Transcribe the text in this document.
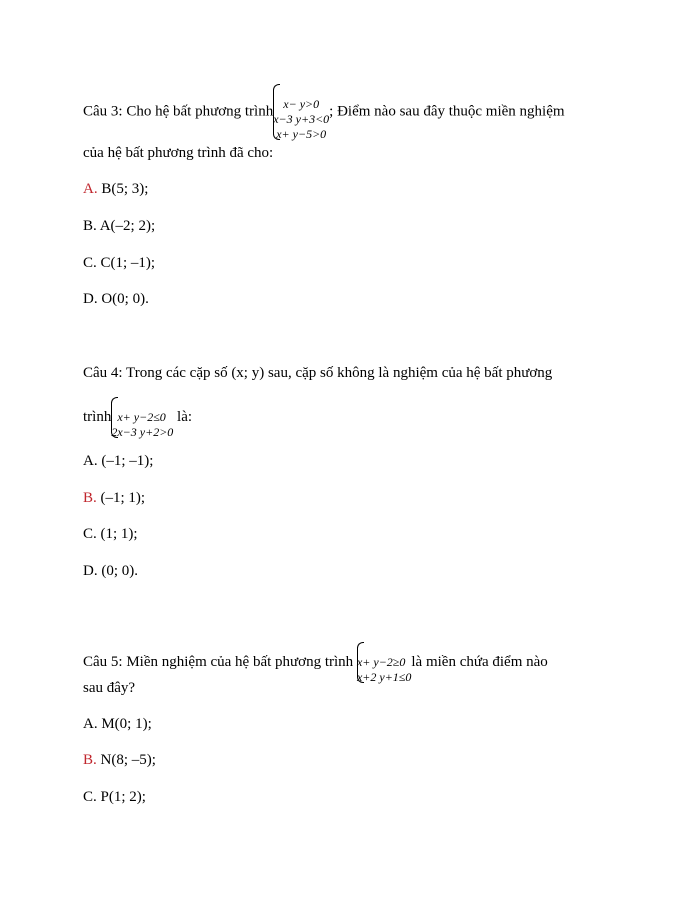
Câu 3: Cho hệ bất phương trình x− y>0
x−3 y+3<0
x+ y−5>0
; Điểm nào sau đây thuộc miền nghiệm
của hệ bất phương trình đã cho:
A. B(5; 3);
B. A(–2; 2);
C. C(1; –1);
D. O(0; 0).
Câu 4: Trong các cặp số (x; y) sau, cặp số không là nghiệm của hệ bất phương
trình x+ y−2≤0
2x−3 y+2>0
là:
A. (–1; –1);
B. (–1; 1);
C. (1; 1);
D. (0; 0).
Câu 5: Miền nghiệm của hệ bất phương trình x+ y−2≥0
x+2 y+1≤0
là miền chứa điểm nào
sau đây?
A. M(0; 1);
B. N(8; –5);
C. P(1; 2);
